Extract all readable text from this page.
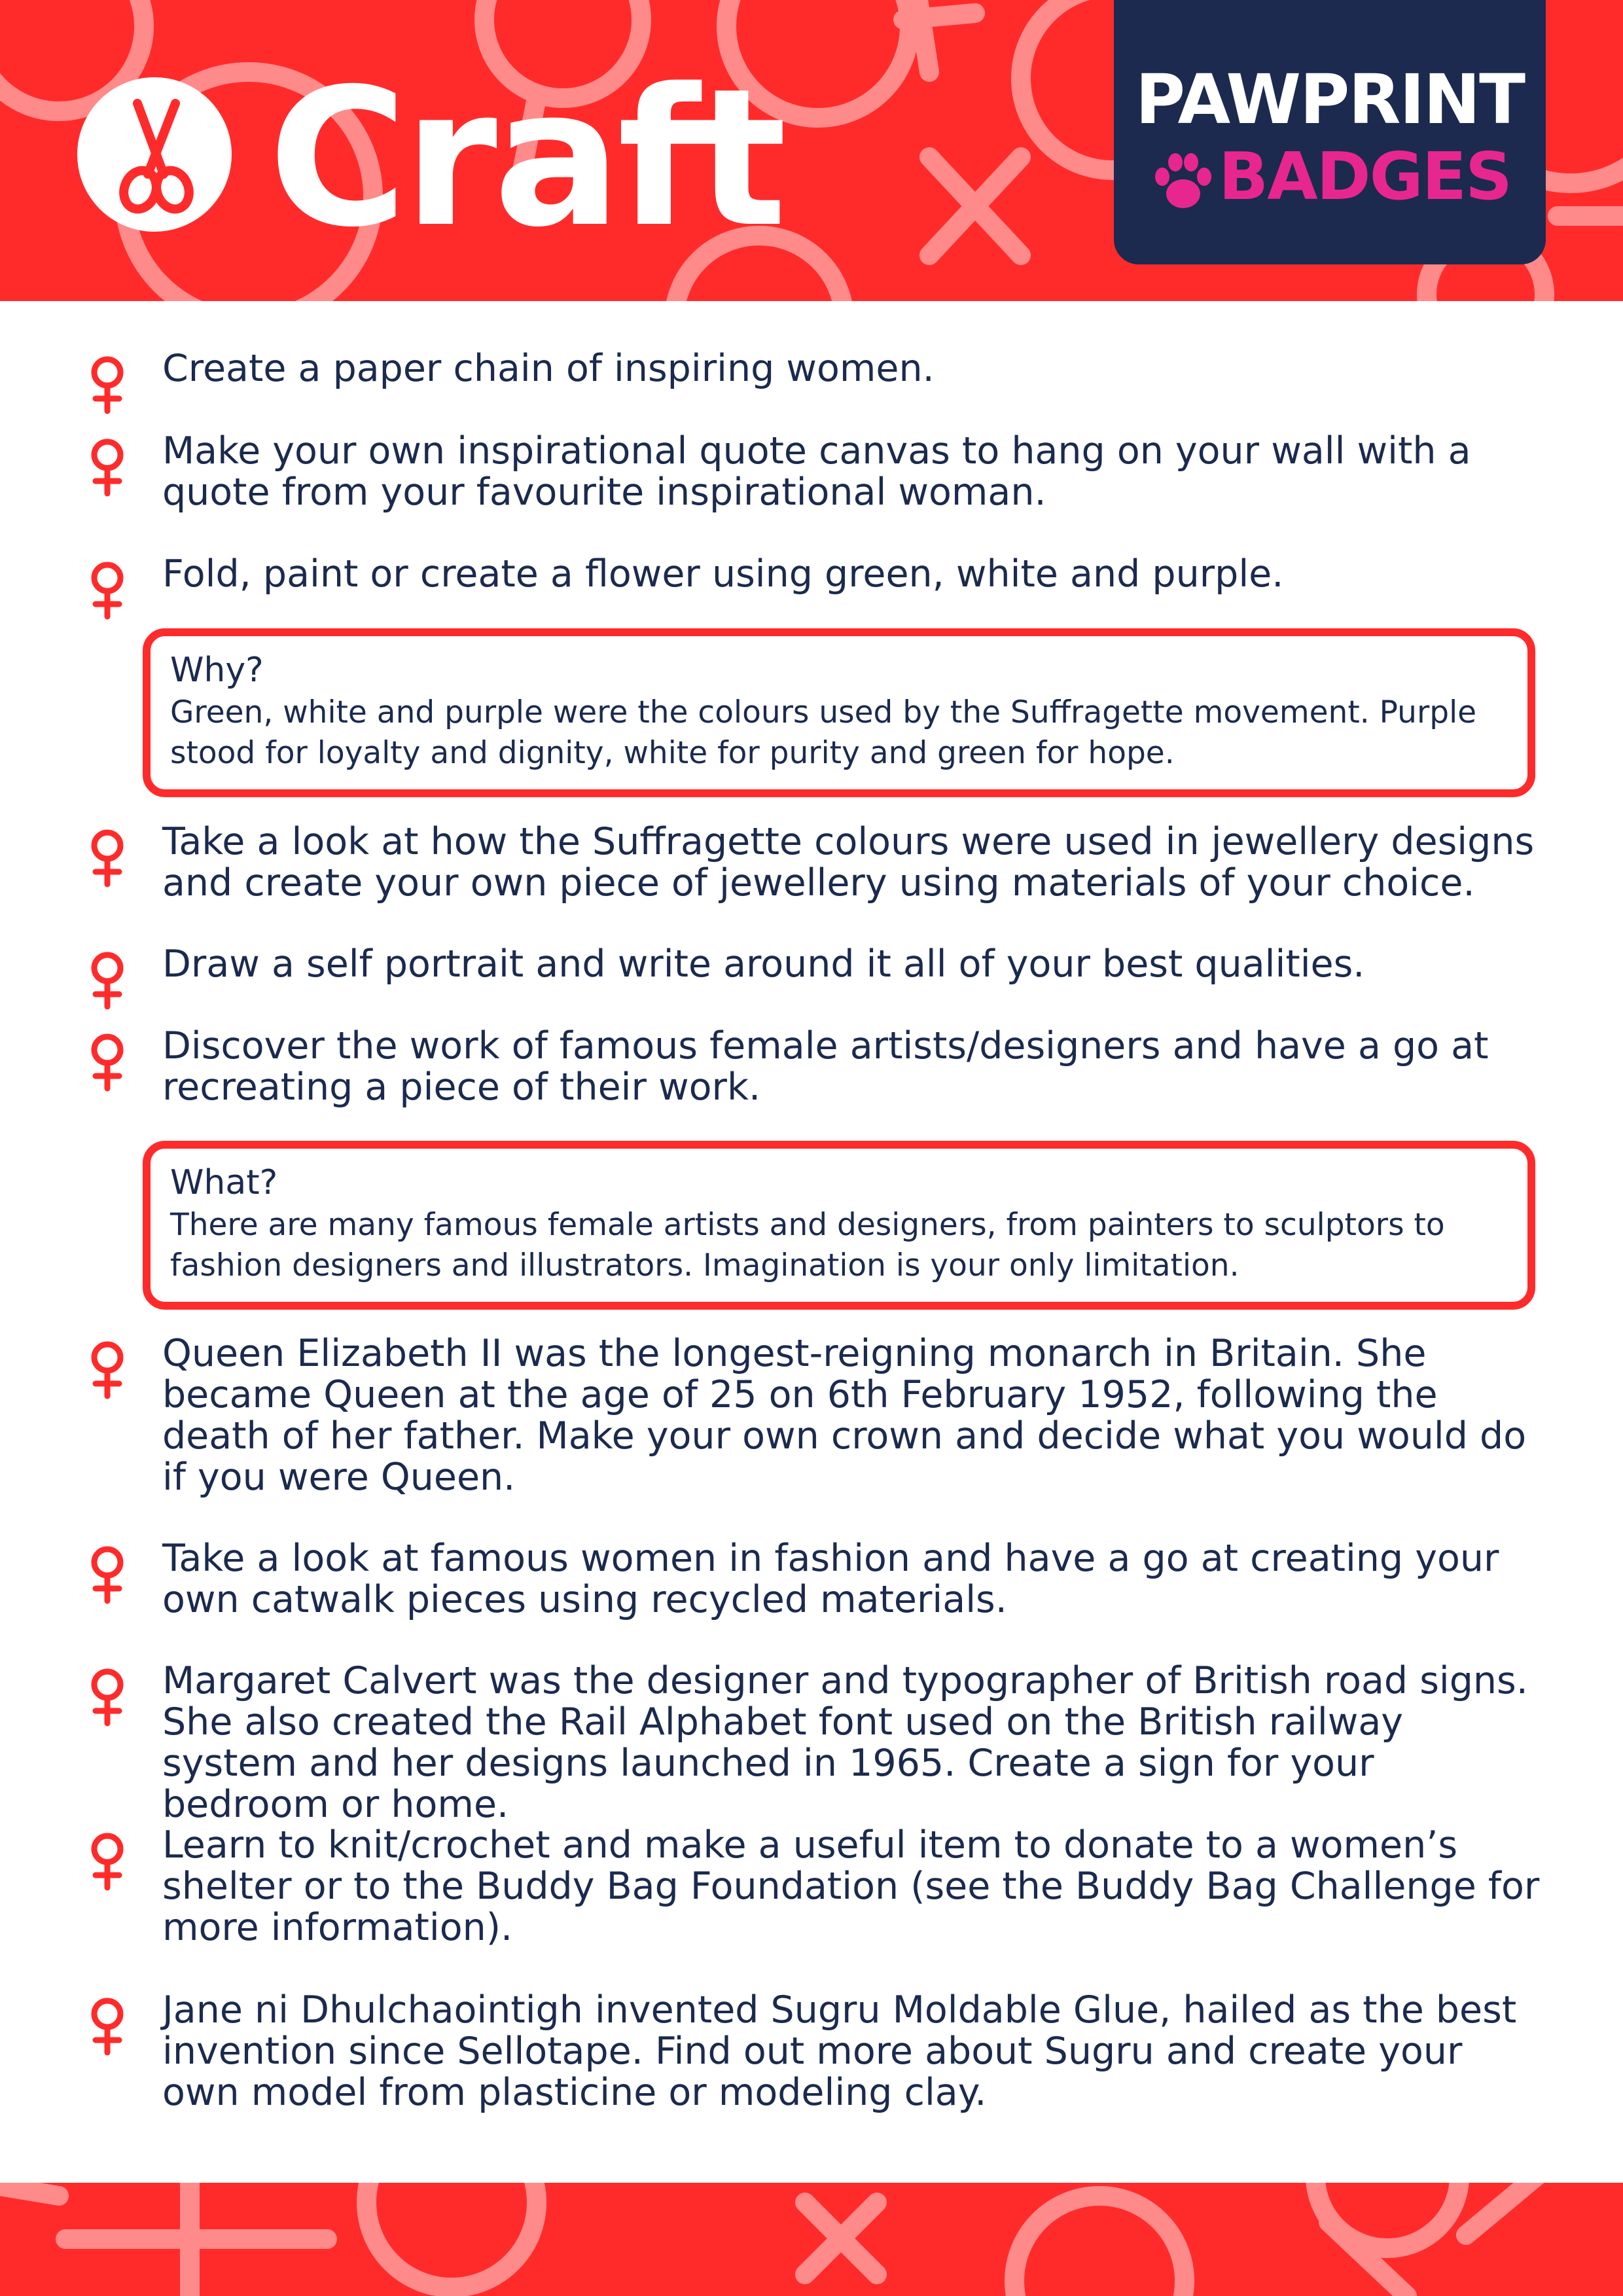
Craft	PAWPRINT
BADGES

Create a paper chain of inspiring women.

Make your own inspirational quote canvas to hang on your wall with a quote from your favourite inspirational woman.

Fold, paint or create a flower using green, white and purple.

Why?

Green, white and purple were the colours used by the Suffragette movement. Purple stood for loyalty and dignity, white for purity and green for hope.

Take a look at how the Suffragette colours were used in jewellery designs and create your own piece of jewellery using materials of your choice.

Draw a self portrait and write around it all of your best qualities.

Discover the work of famous female artists/designers and have a go at recreating a piece of their work.

What?

There are many famous female artists and designers, from painters to sculptors to fashion designers and illustrators. Imagination is your only limitation.

Queen Elizabeth II was the longest-reigning monarch in Britain. She became Queen at the age of 25 on 6th February 1952, following the death of her father. Make your own crown and decide what you would do if you were Queen.

Take a look at famous women in fashion and have a go at creating your own catwalk pieces using recycled materials.

Margaret Calvert was the designer and typographer of British road signs. She also created the Rail Alphabet font used on the British railway system and her designs launched in 1965. Create a sign for your bedroom or home.

Learn to knit/crochet and make a useful item to donate to a women’s shelter or to the Buddy Bag Foundation (see the Buddy Bag Challenge for more information).

Jane ni Dhulchaointigh invented Sugru Moldable Glue, hailed as the best invention since Sellotape. Find out more about Sugru and create your own model from plasticine or modeling clay.
